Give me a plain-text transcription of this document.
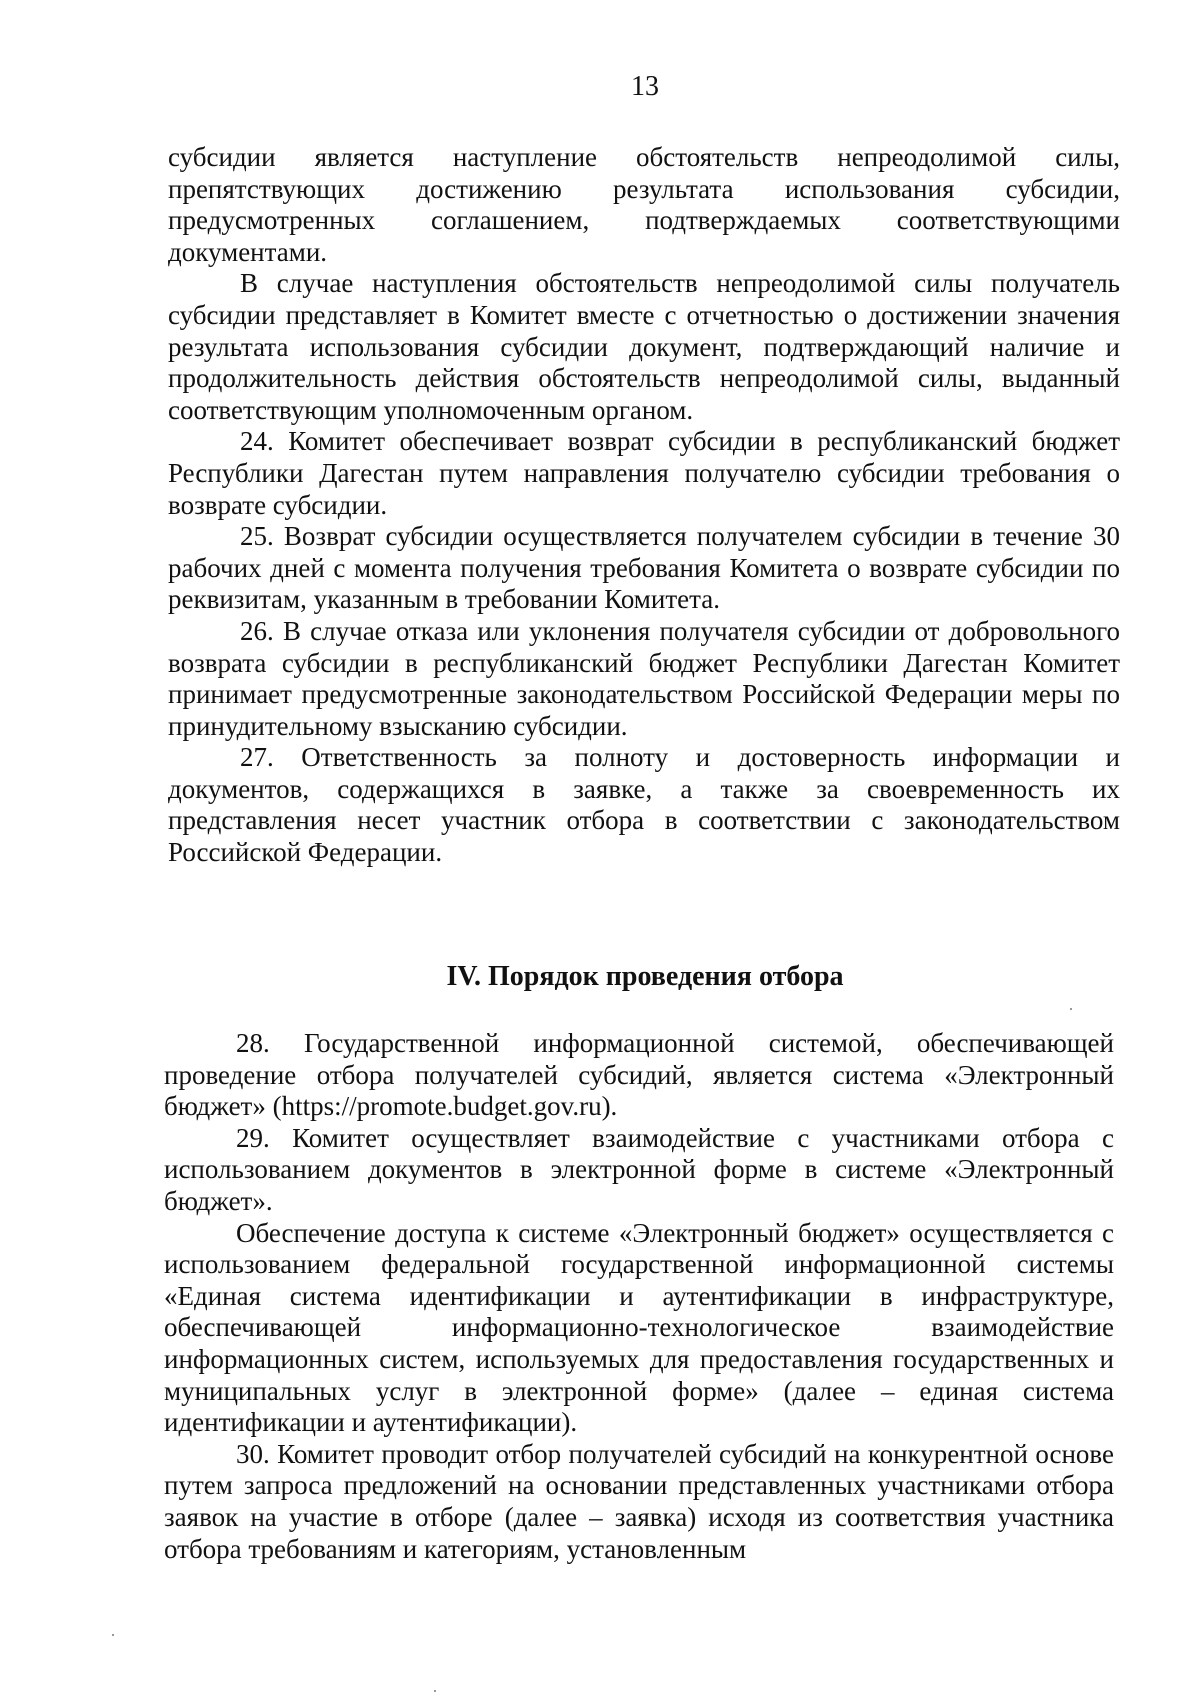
13

субсидии является наступление обстоятельств непреодолимой силы, препятствующих достижению результата использования субсидии, предусмотренных соглашением, подтверждаемых соответствующими документами.

В случае наступления обстоятельств непреодолимой силы получатель субсидии представляет в Комитет вместе с отчетностью о достижении значения результата использования субсидии документ, подтверждающий наличие и продолжительность действия обстоятельств непреодолимой силы, выданный соответствующим уполномоченным органом.

24. Комитет обеспечивает возврат субсидии в республиканский бюджет Республики Дагестан путем направления получателю субсидии требования о возврате субсидии.

25. Возврат субсидии осуществляется получателем субсидии в течение 30 рабочих дней с момента получения требования Комитета о возврате субсидии по реквизитам, указанным в требовании Комитета.

26. В случае отказа или уклонения получателя субсидии от добровольного возврата субсидии в республиканский бюджет Республики Дагестан Комитет принимает предусмотренные законодательством Российской Федерации меры по принудительному взысканию субсидии.

27. Ответственность за полноту и достоверность информации и документов, содержащихся в заявке, а также за своевременность их представления несет участник отбора в соответствии с законодательством Российской Федерации.

IV. Порядок проведения отбора

28. Государственной информационной системой, обеспечивающей проведение отбора получателей субсидий, является система «Электронный бюджет» (https://promote.budget.gov.ru).

29. Комитет осуществляет взаимодействие с участниками отбора с использованием документов в электронной форме в системе «Электронный бюджет».

Обеспечение доступа к системе «Электронный бюджет» осуществляется с использованием федеральной государственной информационной системы «Единая система идентификации и аутентификации в инфраструктуре, обеспечивающей информационно-технологическое взаимодействие информационных систем, используемых для предоставления государственных и муниципальных услуг в электронной форме» (далее – единая система идентификации и аутентификации).

30. Комитет проводит отбор получателей субсидий на конкурентной основе путем запроса предложений на основании представленных участниками отбора заявок на участие в отборе (далее – заявка) исходя из соответствия участника отбора требованиям и категориям, установленным
